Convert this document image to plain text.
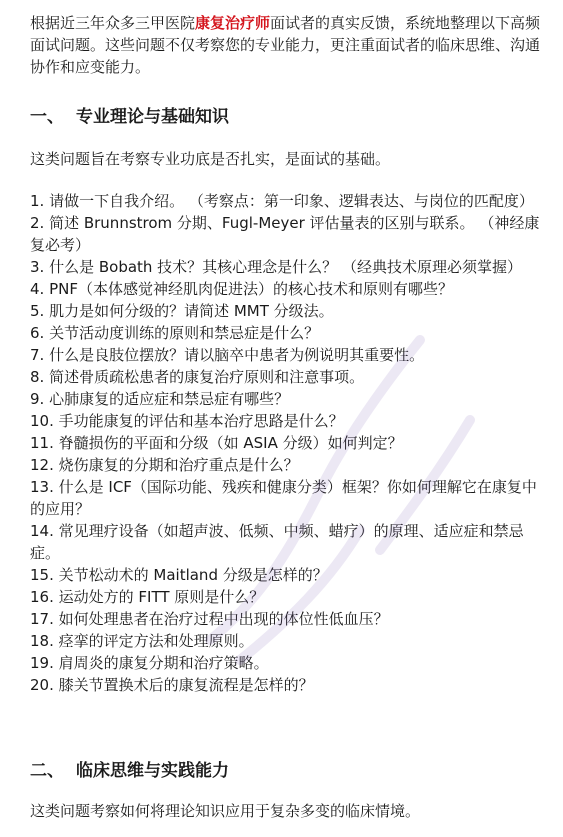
根据近三年众多三甲医院康复治疗师面试者的真实反馈，系统地整理以下高频面试问题。这些问题不仅考察您的专业能力，更注重面试者的临床思维、沟通协作和应变能力。
一、 专业理论与基础知识
这类问题旨在考察专业功底是否扎实，是面试的基础。
1. 请做一下自我介绍。 （考察点：第一印象、逻辑表达、与岗位的匹配度）
2. 简述 Brunnstrom 分期、Fugl-Meyer 评估量表的区别与联系。 （神经康复必考）
3. 什么是 Bobath 技术？其核心理念是什么？ （经典技术原理必须掌握）
4. PNF（本体感觉神经肌肉促进法）的核心技术和原则有哪些？
5. 肌力是如何分级的？请简述 MMT 分级法。
6. 关节活动度训练的原则和禁忌症是什么？
7. 什么是良肢位摆放？请以脑卒中患者为例说明其重要性。
8. 简述骨质疏松患者的康复治疗原则和注意事项。
9. 心肺康复的适应症和禁忌症有哪些？
10. 手功能康复的评估和基本治疗思路是什么？
11. 脊髓损伤的平面和分级（如 ASIA 分级）如何判定？
12. 烧伤康复的分期和治疗重点是什么？
13. 什么是 ICF（国际功能、残疾和健康分类）框架？你如何理解它在康复中的应用？
14. 常见理疗设备（如超声波、低频、中频、蜡疗）的原理、适应症和禁忌症。
15. 关节松动术的 Maitland 分级是怎样的？
16. 运动处方的 FITT 原则是什么？
17. 如何处理患者在治疗过程中出现的体位性低血压？
18. 痉挛的评定方法和处理原则。
19. 肩周炎的康复分期和治疗策略。
20. 膝关节置换术后的康复流程是怎样的？
二、 临床思维与实践能力
这类问题考察如何将理论知识应用于复杂多变的临床情境。
